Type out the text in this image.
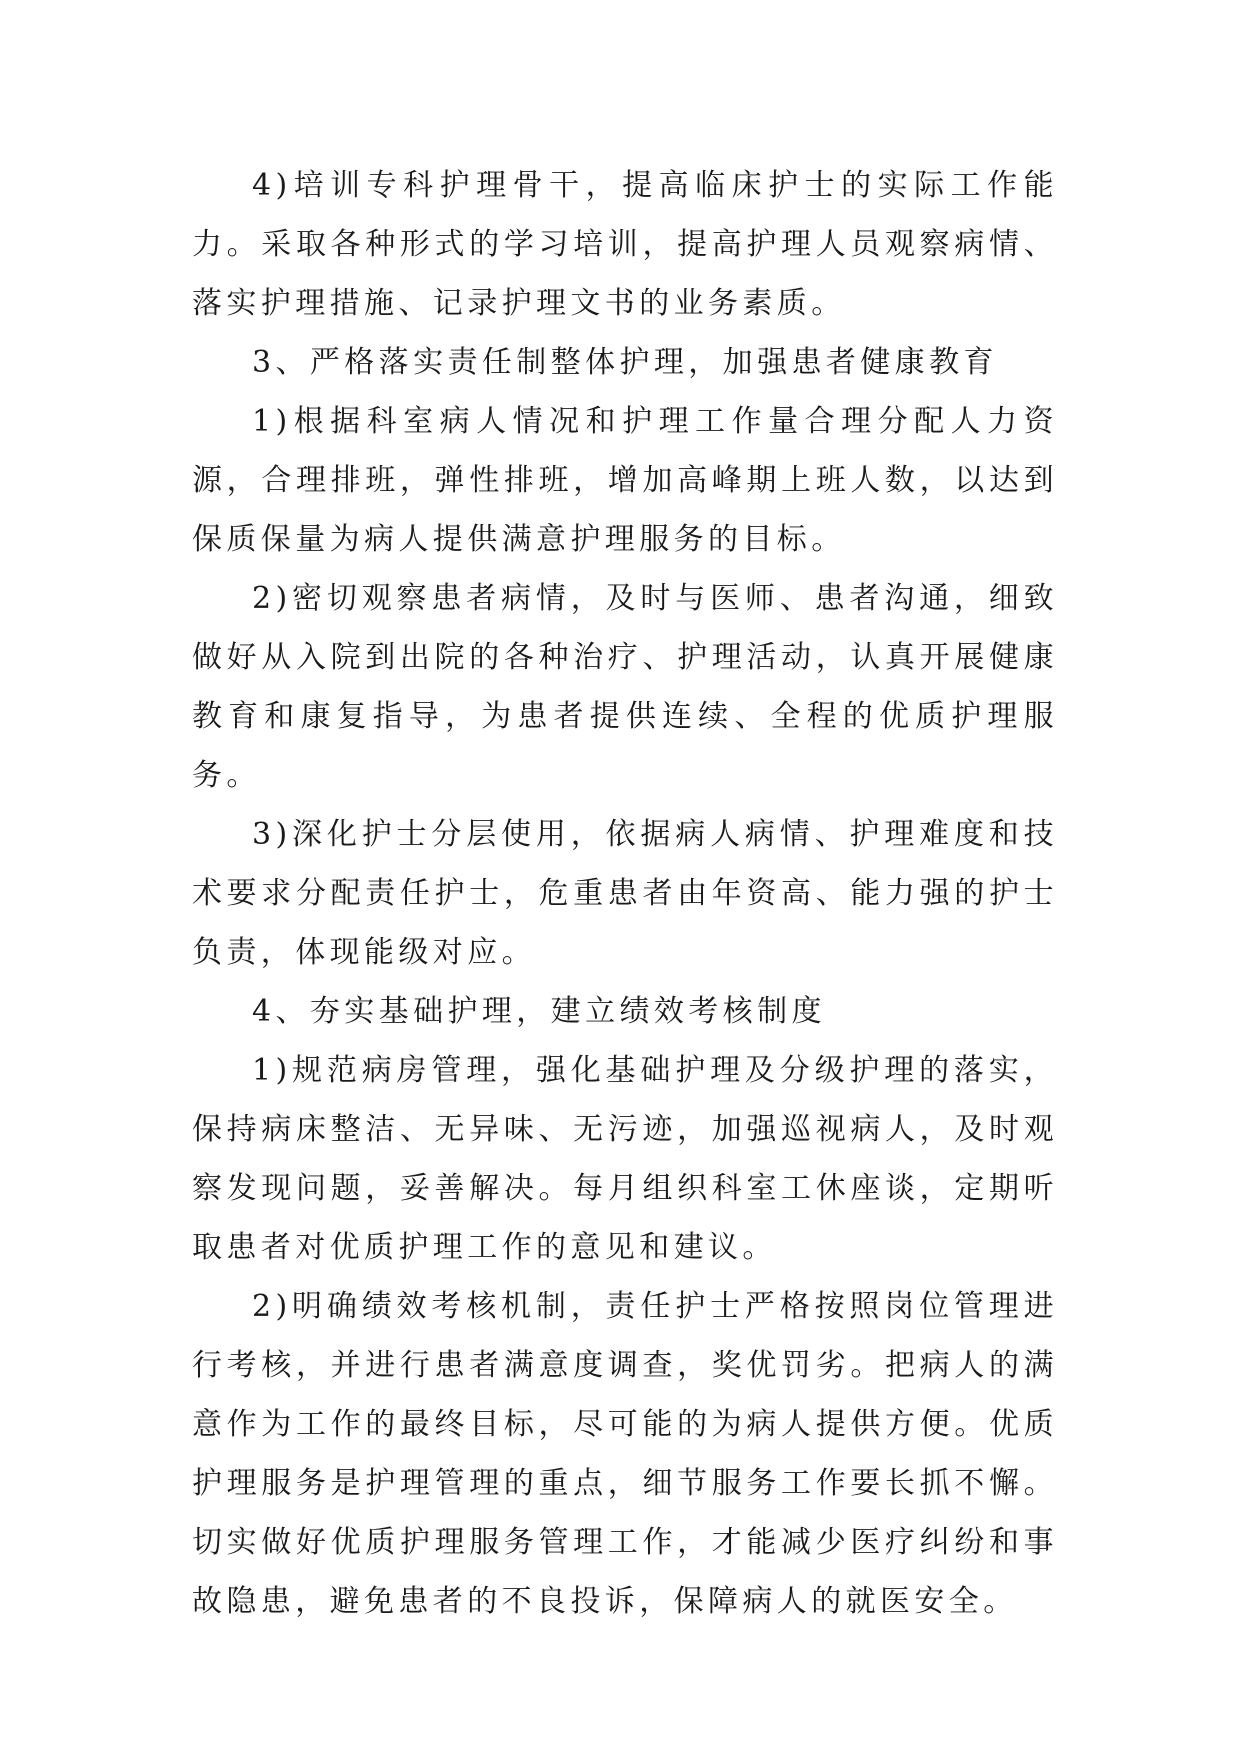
4)培训专科护理骨干，提高临床护士的实际工作能力。采取各种形式的学习培训，提高护理人员观察病情、落实护理措施、记录护理文书的业务素质。

3、严格落实责任制整体护理，加强患者健康教育

1)根据科室病人情况和护理工作量合理分配人力资源，合理排班，弹性排班，增加高峰期上班人数，以达到保质保量为病人提供满意护理服务的目标。

2)密切观察患者病情，及时与医师、患者沟通，细致做好从入院到出院的各种治疗、护理活动，认真开展健康教育和康复指导，为患者提供连续、全程的优质护理服务。

3)深化护士分层使用，依据病人病情、护理难度和技术要求分配责任护士，危重患者由年资高、能力强的护士负责，体现能级对应。

4、夯实基础护理，建立绩效考核制度

1)规范病房管理，强化基础护理及分级护理的落实，保持病床整洁、无异味、无污迹，加强巡视病人，及时观察发现问题，妥善解决。每月组织科室工休座谈，定期听取患者对优质护理工作的意见和建议。

2)明确绩效考核机制，责任护士严格按照岗位管理进行考核，并进行患者满意度调查，奖优罚劣。把病人的满意作为工作的最终目标，尽可能的为病人提供方便。优质护理服务是护理管理的重点，细节服务工作要长抓不懈。切实做好优质护理服务管理工作，才能减少医疗纠纷和事故隐患，避免患者的不良投诉，保障病人的就医安全。
